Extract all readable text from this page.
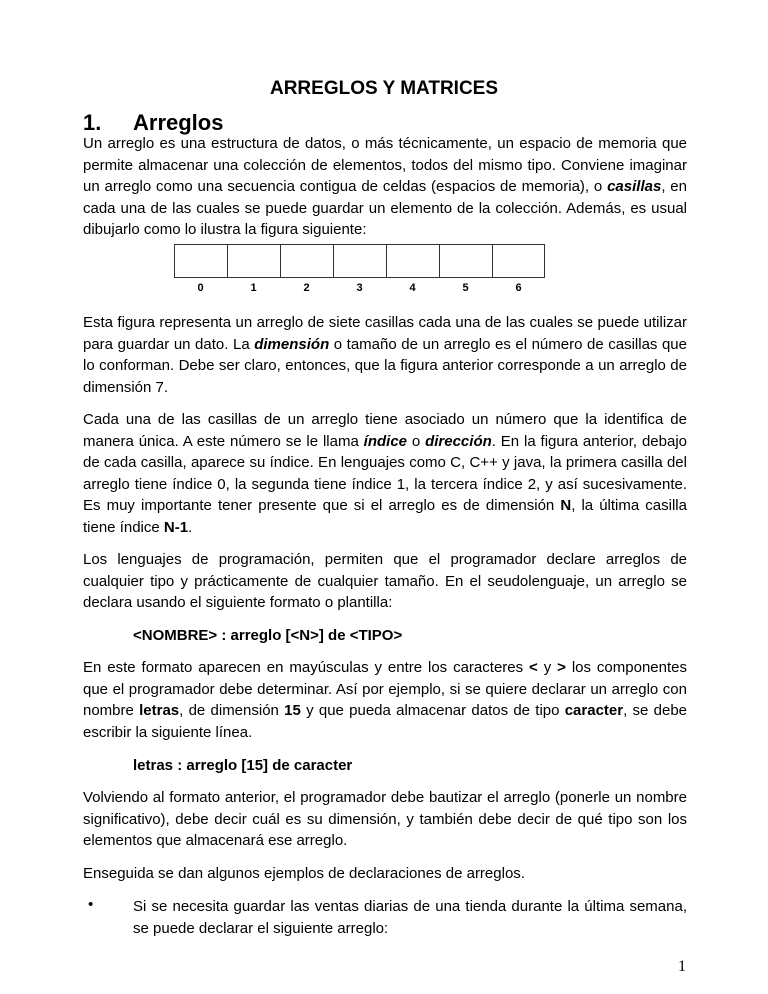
ARREGLOS Y MATRICES
1. Arreglos
Un arreglo es una estructura de datos, o más técnicamente, un espacio de memoria que
permite almacenar una colección de elementos, todos del mismo tipo. Conviene imaginar
un arreglo como una secuencia contigua de celdas (espacios de memoria), o casillas, en
cada una de las cuales se puede guardar un elemento de la colección. Además, es usual
dibujarlo como lo ilustra la figura siguiente:
0	1	2	3	4	5	6
Esta figura representa un arreglo de siete casillas cada una de las cuales se puede utilizar
para guardar un dato. La dimensión o tamaño de un arreglo es el número de casillas que
lo conforman. Debe ser claro, entonces, que la figura anterior corresponde a un arreglo de
dimensión 7.
Cada una de las casillas de un arreglo tiene asociado un número que la identifica de
manera única. A este número se le llama índice o dirección. En la figura anterior, debajo
de cada casilla, aparece su índice. En lenguajes como C, C++ y java, la primera casilla del
arreglo tiene índice 0, la segunda tiene índice 1, la tercera índice 2, y así sucesivamente.
Es muy importante tener presente que si el arreglo es de dimensión N, la última casilla
tiene índice N-1.
Los lenguajes de programación, permiten que el programador declare arreglos de
cualquier tipo y prácticamente de cualquier tamaño. En el seudolenguaje, un arreglo se
declara usando el siguiente formato o plantilla:
<NOMBRE> : arreglo [<N>] de <TIPO>
En este formato aparecen en mayúsculas y entre los caracteres < y > los componentes
que el programador debe determinar. Así por ejemplo, si se quiere declarar un arreglo con
nombre letras, de dimensión 15 y que pueda almacenar datos de tipo caracter, se debe
escribir la siguiente línea.
letras : arreglo [15] de caracter
Volviendo al formato anterior, el programador debe bautizar el arreglo (ponerle un nombre
significativo), debe decir cuál es su dimensión, y también debe decir de qué tipo son los
elementos que almacenará ese arreglo.
Enseguida se dan algunos ejemplos de declaraciones de arreglos.
•	Si se necesita guardar las ventas diarias de una tienda durante la última semana,
se puede declarar el siguiente arreglo:
1
